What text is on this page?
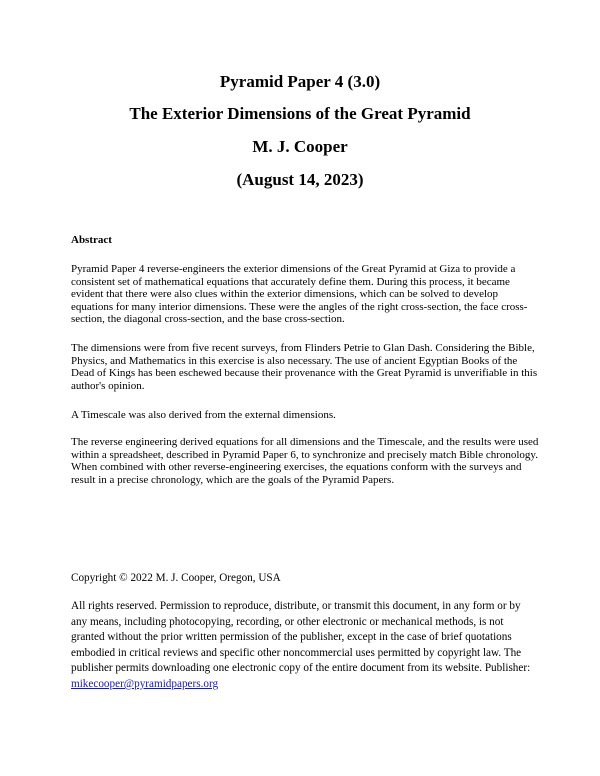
Pyramid Paper 4 (3.0)
The Exterior Dimensions of the Great Pyramid
M. J. Cooper
(August 14, 2023)
Abstract

Pyramid Paper 4 reverse-engineers the exterior dimensions of the Great Pyramid at Giza to provide a consistent set of mathematical equations that accurately define them. During this process, it became evident that there were also clues within the exterior dimensions, which can be solved to develop equations for many interior dimensions. These were the angles of the right cross-section, the face cross-section, the diagonal cross-section, and the base cross-section.

The dimensions were from five recent surveys, from Flinders Petrie to Glan Dash. Considering the Bible, Physics, and Mathematics in this exercise is also necessary. The use of ancient Egyptian Books of the Dead of Kings has been eschewed because their provenance with the Great Pyramid is unverifiable in this author's opinion.

A Timescale was also derived from the external dimensions.

The reverse engineering derived equations for all dimensions and the Timescale, and the results were used within a spreadsheet, described in Pyramid Paper 6, to synchronize and precisely match Bible chronology. When combined with other reverse-engineering exercises, the equations conform with the surveys and result in a precise chronology, which are the goals of the Pyramid Papers.

Copyright © 2022 M. J. Cooper, Oregon, USA

All rights reserved. Permission to reproduce, distribute, or transmit this document, in any form or by any means, including photocopying, recording, or other electronic or mechanical methods, is not granted without the prior written permission of the publisher, except in the case of brief quotations embodied in critical reviews and specific other noncommercial uses permitted by copyright law. The publisher permits downloading one electronic copy of the entire document from its website. Publisher: mikecooper@pyramidpapers.org
